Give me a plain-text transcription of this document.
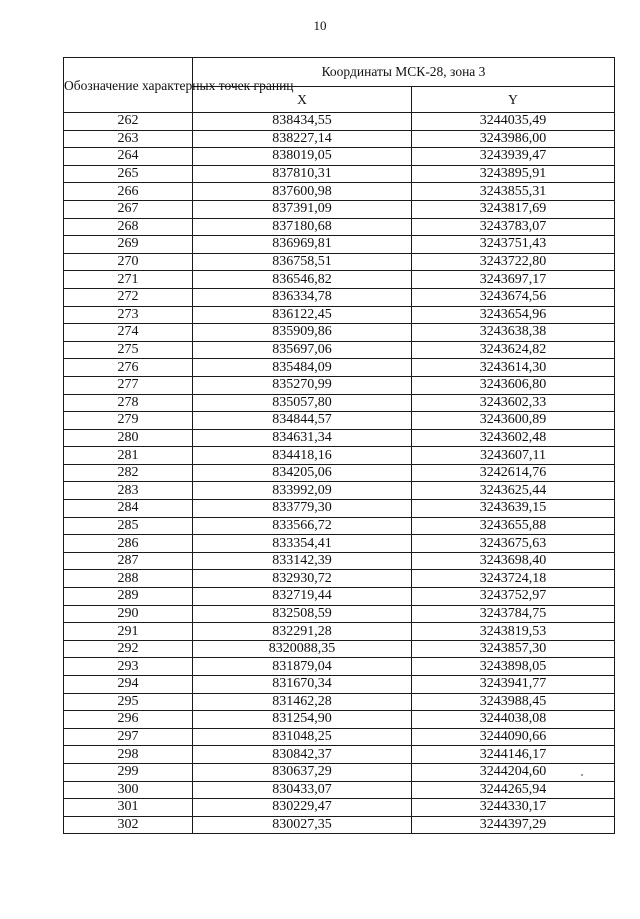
10
Обозначение характерных точек границ	Координаты МСК-28, зона 3	
	X	Y
262	838434,55	3244035,49
263	838227,14	3243986,00
264	838019,05	3243939,47
265	837810,31	3243895,91
266	837600,98	3243855,31
267	837391,09	3243817,69
268	837180,68	3243783,07
269	836969,81	3243751,43
270	836758,51	3243722,80
271	836546,82	3243697,17
272	836334,78	3243674,56
273	836122,45	3243654,96
274	835909,86	3243638,38
275	835697,06	3243624,82
276	835484,09	3243614,30
277	835270,99	3243606,80
278	835057,80	3243602,33
279	834844,57	3243600,89
280	834631,34	3243602,48
281	834418,16	3243607,11
282	834205,06	3242614,76
283	833992,09	3243625,44
284	833779,30	3243639,15
285	833566,72	3243655,88
286	833354,41	3243675,63
287	833142,39	3243698,40
288	832930,72	3243724,18
289	832719,44	3243752,97
290	832508,59	3243784,75
291	832291,28	3243819,53
292	8320088,35	3243857,30
293	831879,04	3243898,05
294	831670,34	3243941,77
295	831462,28	3243988,45
296	831254,90	3244038,08
297	831048,25	3244090,66
298	830842,37	3244146,17
299	830637,29	3244204,60
300	830433,07	3244265,94
301	830229,47	3244330,17
302	830027,35	3244397,29
